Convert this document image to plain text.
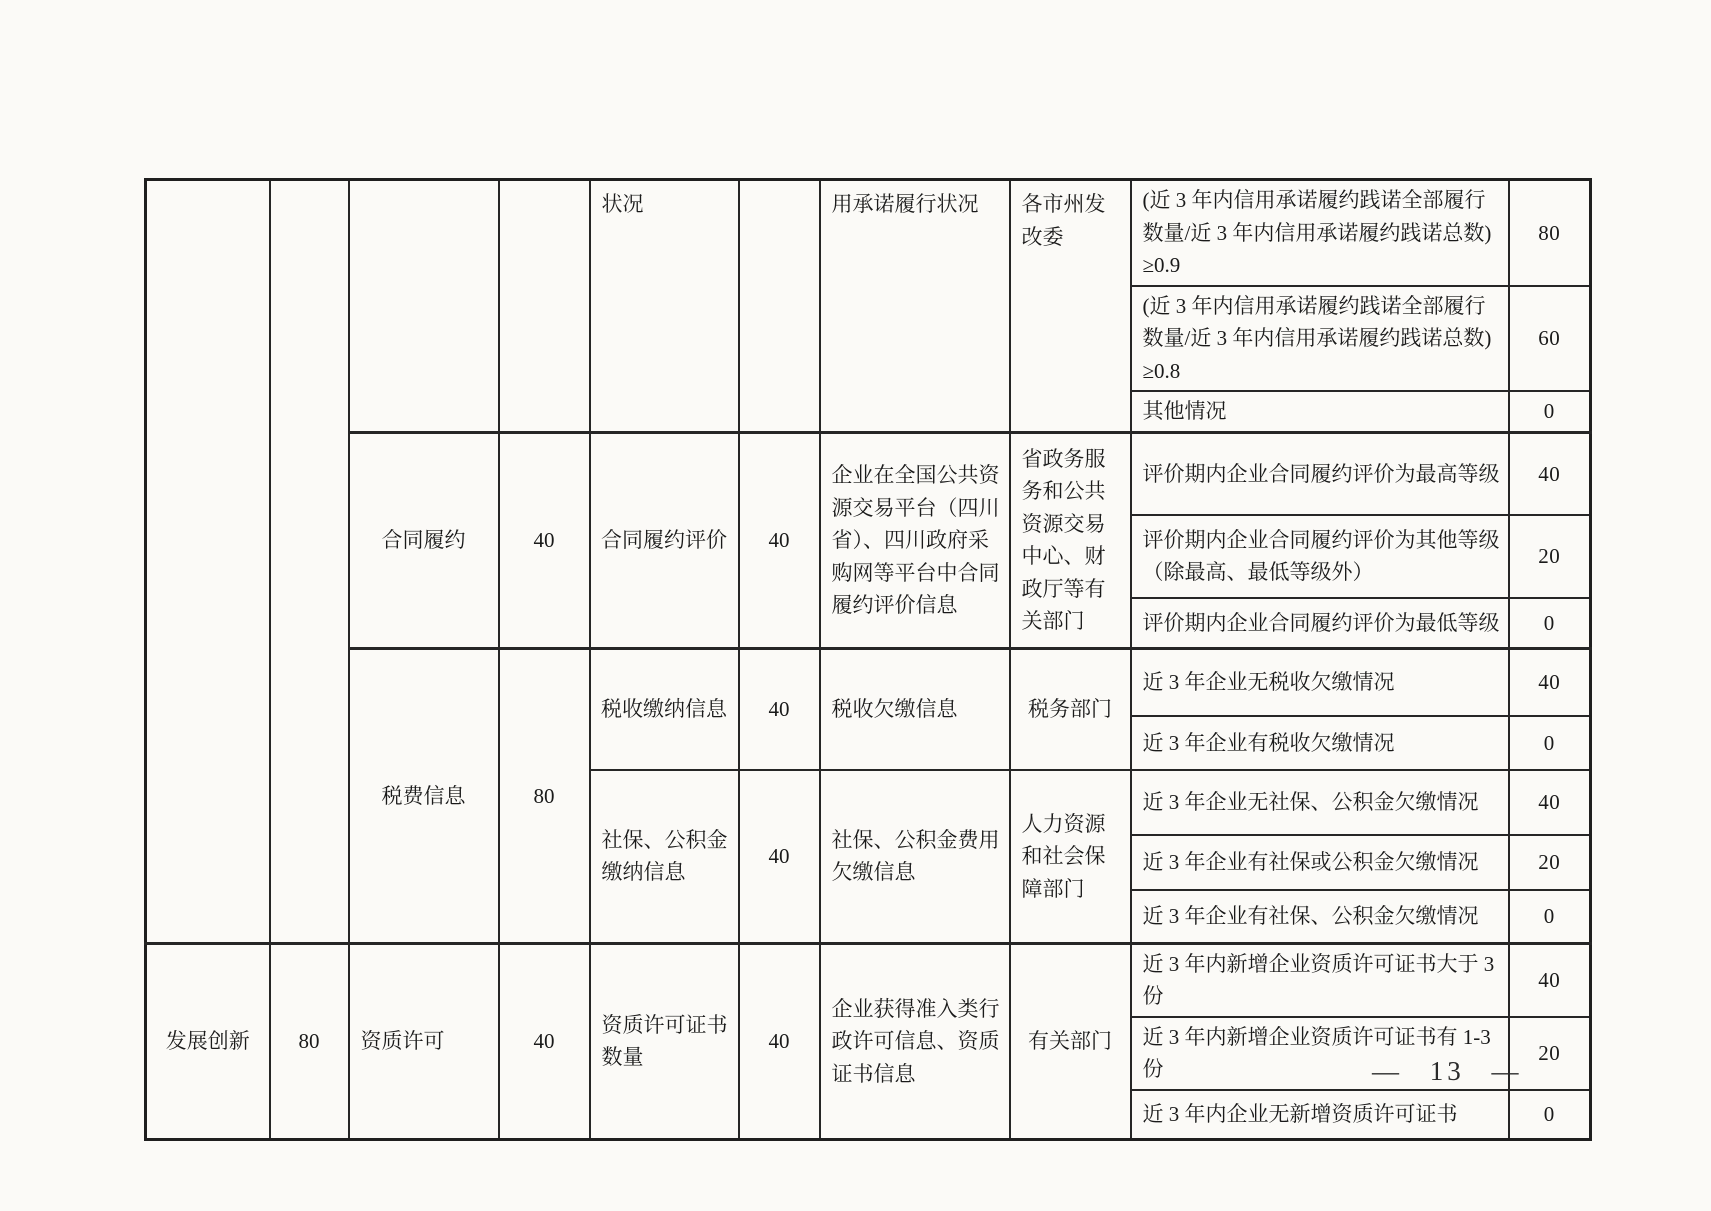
				状况		用承诺履行状况	各市州发改委	(近 3 年内信用承诺履约践诺全部履行数量/近 3 年内信用承诺履约践诺总数)≥0.9	80
								(近 3 年内信用承诺履约践诺全部履行数量/近 3 年内信用承诺履约践诺总数)≥0.8	60
								其他情况	0
		合同履约	40	合同履约评价	40	企业在全国公共资源交易平台（四川省）、四川政府采购网等平台中合同履约评价信息	省政务服务和公共资源交易中心、财政厅等有关部门	评价期内企业合同履约评价为最高等级	40
								评价期内企业合同履约评价为其他等级（除最高、最低等级外）	20
								评价期内企业合同履约评价为最低等级	0
		税费信息	80	税收缴纳信息	40	税收欠缴信息	税务部门	近 3 年企业无税收欠缴情况	40
								近 3 年企业有税收欠缴情况	0
				社保、公积金缴纳信息	40	社保、公积金费用欠缴信息	人力资源和社会保障部门	近 3 年企业无社保、公积金欠缴情况	40
								近 3 年企业有社保或公积金欠缴情况	20
								近 3 年企业有社保、公积金欠缴情况	0
发展创新	80	资质许可	40	资质许可证书数量	40	企业获得准入类行政许可信息、资质证书信息	有关部门	近 3 年内新增企业资质许可证书大于 3 份	40
								近 3 年内新增企业资质许可证书有 1-3 份	20
								近 3 年内企业无新增资质许可证书	0
— 13 —
